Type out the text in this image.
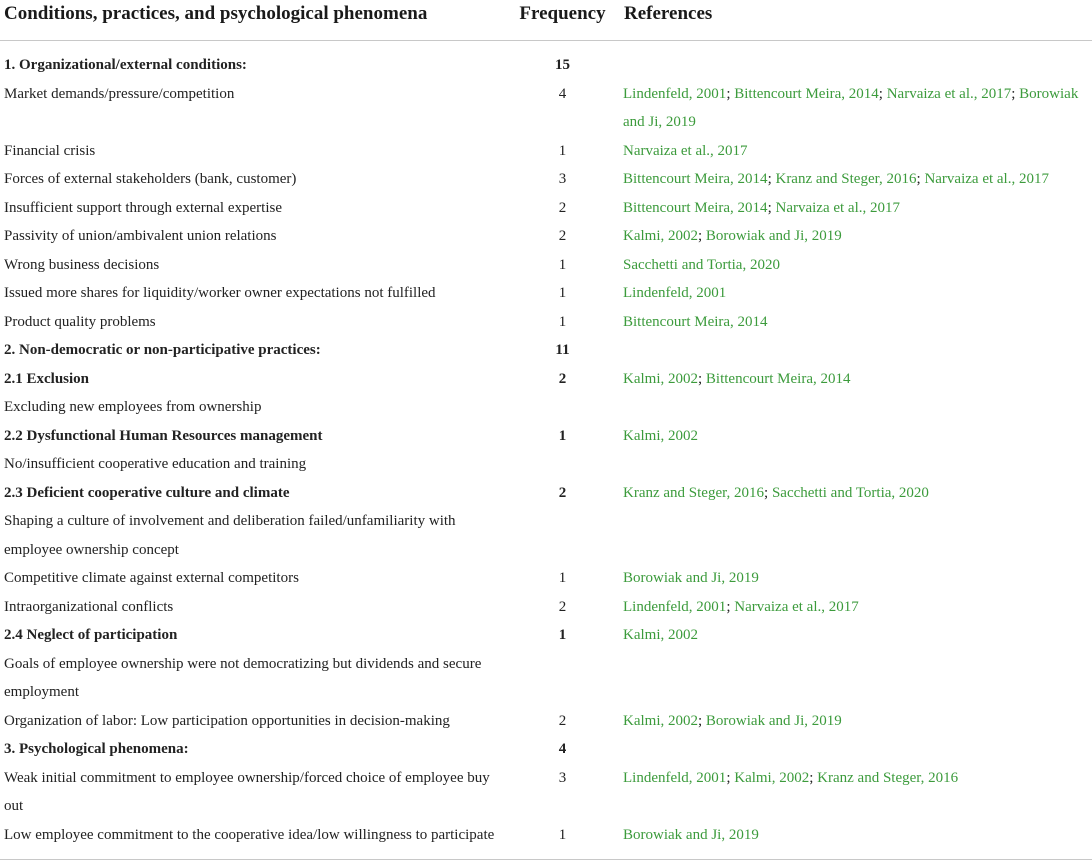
Conditions, practices, and psychological phenomena	Frequency	References

1. Organizational/external conditions:	15	
Market demands/pressure/competition	4	Lindenfeld, 2001; Bittencourt Meira, 2014; Narvaiza et al., 2017; Borowiak and Ji, 2019
Financial crisis	1	Narvaiza et al., 2017
Forces of external stakeholders (bank, customer)	3	Bittencourt Meira, 2014; Kranz and Steger, 2016; Narvaiza et al., 2017
Insufficient support through external expertise	2	Bittencourt Meira, 2014; Narvaiza et al., 2017
Passivity of union/ambivalent union relations	2	Kalmi, 2002; Borowiak and Ji, 2019
Wrong business decisions	1	Sacchetti and Tortia, 2020
Issued more shares for liquidity/worker owner expectations not fulfilled	1	Lindenfeld, 2001
Product quality problems	1	Bittencourt Meira, 2014
2. Non-democratic or non-participative practices:	11	
2.1 Exclusion	2	Kalmi, 2002; Bittencourt Meira, 2014
Excluding new employees from ownership		
2.2 Dysfunctional Human Resources management	1	Kalmi, 2002
No/insufficient cooperative education and training		
2.3 Deficient cooperative culture and climate	2	Kranz and Steger, 2016; Sacchetti and Tortia, 2020
Shaping a culture of involvement and deliberation failed/unfamiliarity with employee ownership concept		
Competitive climate against external competitors	1	Borowiak and Ji, 2019
Intraorganizational conflicts	2	Lindenfeld, 2001; Narvaiza et al., 2017
2.4 Neglect of participation	1	Kalmi, 2002
Goals of employee ownership were not democratizing but dividends and secure employment		
Organization of labor: Low participation opportunities in decision-making	2	Kalmi, 2002; Borowiak and Ji, 2019
3. Psychological phenomena:	4	
Weak initial commitment to employee ownership/forced choice of employee buy out	3	Lindenfeld, 2001; Kalmi, 2002; Kranz and Steger, 2016
Low employee commitment to the cooperative idea/low willingness to participate	1	Borowiak and Ji, 2019
